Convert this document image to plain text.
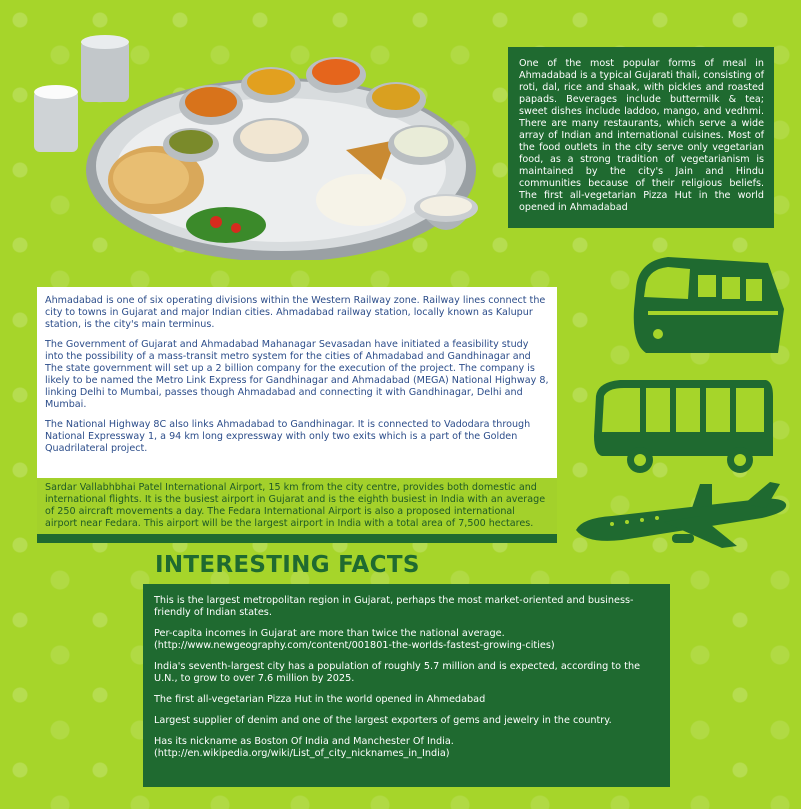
One of the most popular forms of meal in Ahmadabad is a typical Gujarati thali, consisting of roti, dal, rice and shaak, with pickles and roasted papads. Beverages include buttermilk & tea; sweet dishes include laddoo, mango, and vedhmi. There are many restaurants, which serve a wide array of Indian and international cuisines. Most of the food outlets in the city serve only vegetarian food, as a strong tradition of vegetarianism is maintained by the city's Jain and Hindu communities because of their religious beliefs. The first all-vegetarian Pizza Hut in the world opened in Ahmadabad

Ahmadabad is one of six operating divisions within the Western Railway zone. Railway lines connect the city to towns in Gujarat and major Indian cities. Ahmadabad railway station, locally known as Kalupur station, is the city's main terminus.

The Government of Gujarat and Ahmadabad Mahanagar Sevasadan have initiated a feasibility study into the possibility of a mass-transit metro system for the cities of Ahmadabad and Gandhinagar and The state government will set up a 2 billion company for the execution of the project. The company is likely to be named the Metro Link Express for Gandhinagar and Ahmadabad (MEGA) National Highway 8, linking Delhi to Mumbai, passes though Ahmadabad and connecting it with Gandhinagar, Delhi and Mumbai.

The National Highway 8C also links Ahmadabad to Gandhinagar. It is connected to Vadodara through National Expressway 1, a 94 km long expressway with only two exits which is a part of the Golden Quadrilateral project.

Sardar Vallabhbhai Patel International Airport, 15 km from the city centre, provides both domestic and international flights. It is the busiest airport in Gujarat and is the eighth busiest in India with an average of 250 aircraft movements a day. The Fedara International Airport is also a proposed international airport near Fedara. This airport will be the largest airport in India with a total area of 7,500 hectares.
INTERESTING FACTS

This is the largest metropolitan region in Gujarat, perhaps the most market-oriented and business-friendly of Indian states.

Per-capita incomes in Gujarat are more than twice the national average. (http://www.newgeography.com/content/001801-the-worlds-fastest-growing-cities)

India's seventh-largest city has a population of roughly 5.7 million and is expected, according to the U.N., to grow to over 7.6 million by 2025.

The first all-vegetarian Pizza Hut in the world opened in Ahmedabad

Largest supplier of denim and one of the largest exporters of gems and jewelry in the country.

Has its nickname as Boston Of India and Manchester Of India. (http://en.wikipedia.org/wiki/List_of_city_nicknames_in_India)
